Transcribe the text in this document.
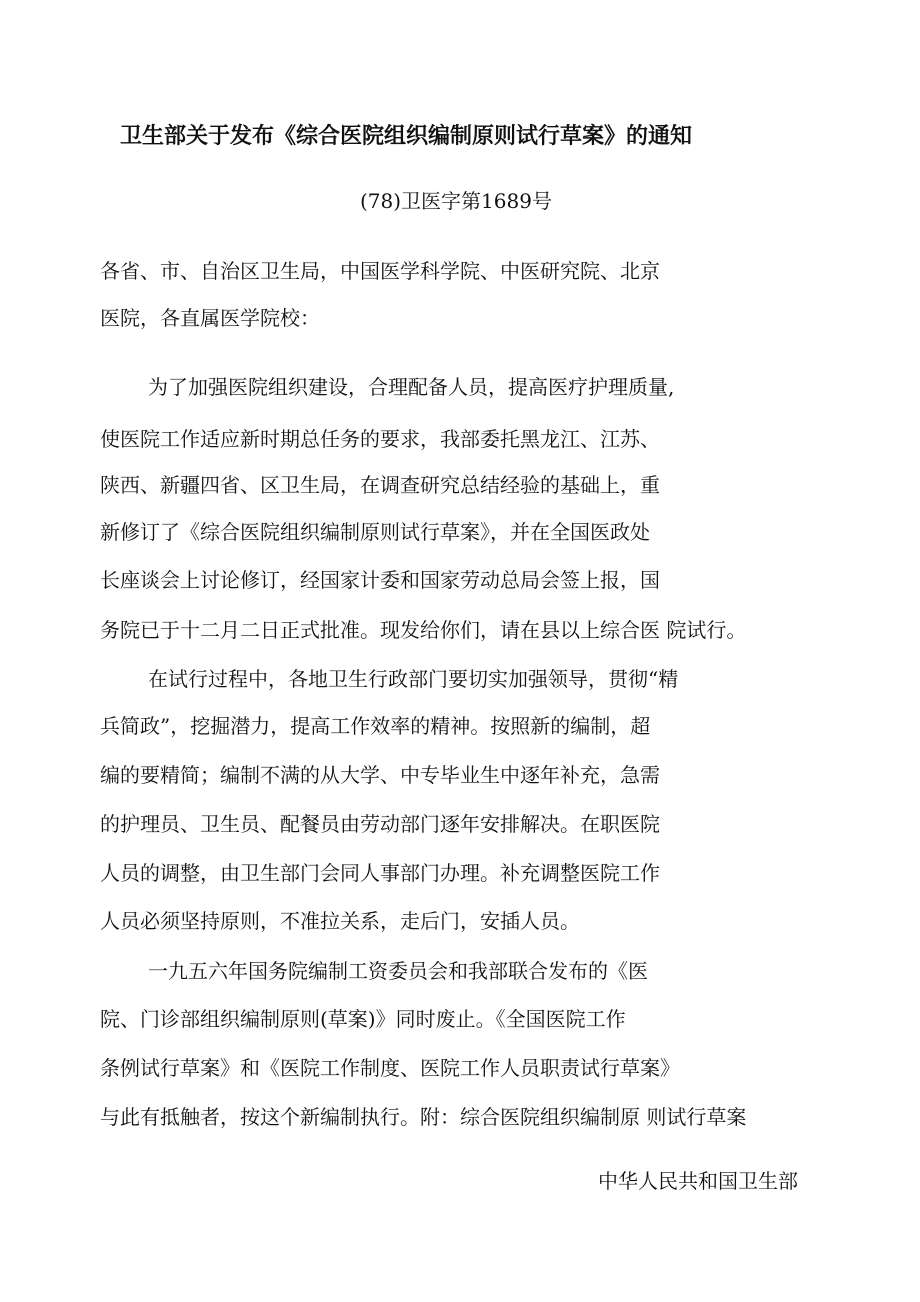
卫生部关于发布《综合医院组织编制原则试行草案》的通知
(78)卫医字第1689号
各省、市、自治区卫生局，中国医学科学院、中医研究院、北京
医院，各直属医学院校：
为了加强医院组织建设，合理配备人员，提高医疗护理质量,
使医院工作适应新时期总任务的要求，我部委托黑龙江、江苏、
陕西、新疆四省、区卫生局，在调查研究总结经验的基础上，重
新修订了《综合医院组织编制原则试行草案》，并在全国医政处
长座谈会上讨论修订，经国家计委和国家劳动总局会签上报，国
务院已于十二月二日正式批准。现发给你们，请在县以上综合医 院试行。
在试行过程中，各地卫生行政部门要切实加强领导，贯彻“精
兵简政”，挖掘潜力，提高工作效率的精神。按照新的编制，超
编的要精简；编制不满的从大学、中专毕业生中逐年补充，急需
的护理员、卫生员、配餐员由劳动部门逐年安排解决。在职医院
人员的调整，由卫生部门会同人事部门办理。补充调整医院工作
人员必须坚持原则，不准拉关系，走后门，安插人员。
一九五六年国务院编制工资委员会和我部联合发布的《医
院、门诊部组织编制原则(草案)》同时废止。《全国医院工作
条例试行草案》和《医院工作制度、医院工作人员职责试行草案》
与此有抵触者，按这个新编制执行。附：综合医院组织编制原 则试行草案
中华人民共和国卫生部
